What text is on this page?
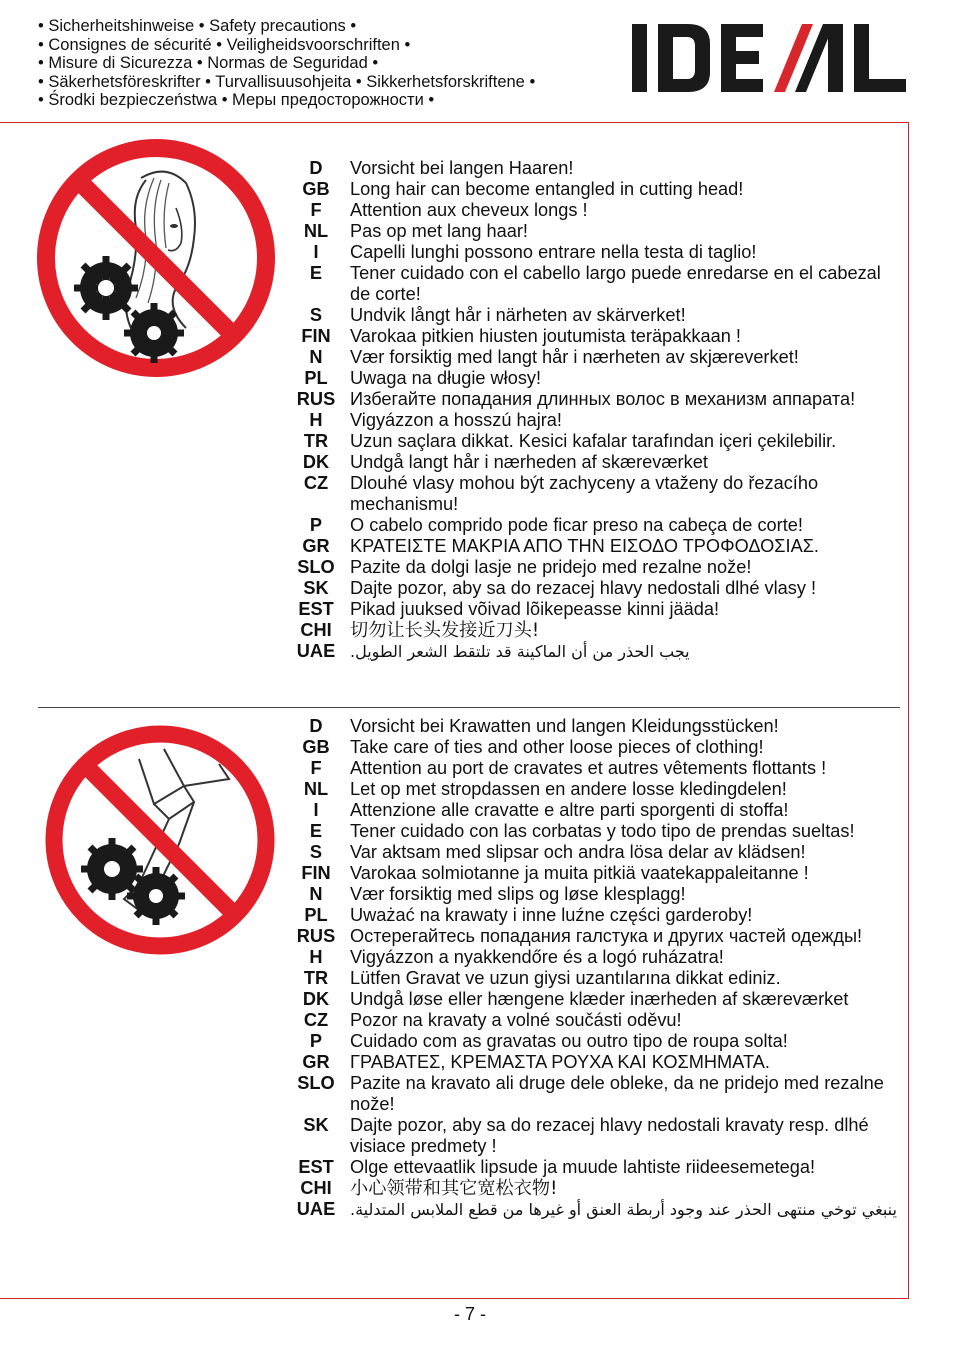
• Sicherheitshinweise • Safety precautions •
• Consignes de sécurité • Veiligheidsvoorschriften •
• Misure di Sicurezza • Normas de Seguridad •
• Säkerhetsföreskrifter • Turvallisuusohjeita • Sikkerhetsforskriftene •
• Środki bezpieczeństwa • Меры предосторожности •
D	Vorsicht bei langen Haaren!
GB	Long hair can become entangled in cutting head!
F	Attention aux cheveux longs !
NL	Pas op met lang haar!
I	Capelli lunghi possono entrare nella testa di taglio!
E	Tener cuidado con el cabello largo puede enredarse en el cabezal de corte!
S	Undvik långt hår i närheten av skärverket!
FIN	Varokaa pitkien hiusten joutumista teräpakkaan !
N	Vær forsiktig med langt hår i nærheten av skjæreverket!
PL	Uwaga na długie włosy!
RUS Избегайте попадания длинных волос в механизм аппарата!
H	Vigyázzon a hosszú hajra!
TR	Uzun saçlara dikkat. Kesici kafalar tarafından içeri çekilebilir.
DK	Undgå langt hår i nærheden af skæreværket
CZ	Dlouhé vlasy mohou být zachyceny a vtaženy do řezacího mechanismu!
P	O cabelo comprido pode ficar preso na cabeça de corte!
GR	ΚΡΑΤΕΙΣΤΕ ΜΑΚΡΙΑ ΑΠΟ ΤΗΝ ΕΙΣΟΔΟ ΤΡΟΦΟΔΟΣΙΑΣ.
SLO Pazite da dolgi lasje ne pridejo med rezalne nože!
SK	Dajte pozor, aby sa do rezacej hlavy nedostali dlhé vlasy !
EST Pikad juuksed võivad lõikepeasse kinni jääda!
CHI	切勿让长头发接近刀头!
UAE يجب الحذر من أن الماكينة قد تلتقط الشعر الطويل.
D	Vorsicht bei Krawatten und langen Kleidungsstücken!
GB	Take care of ties and other loose pieces of clothing!
F	Attention au port de cravates et autres vêtements flottants !
NL	Let op met stropdassen en andere losse kledingdelen!
I	Attenzione alle cravatte e altre parti sporgenti di stoffa!
E	Tener cuidado con las corbatas y todo tipo de prendas sueltas!
S	Var aktsam med slipsar och andra lösa delar av klädsen!
FIN	Varokaa solmiotanne ja muita pitkiä vaatekappaleitanne !
N	Vær forsiktig med slips og løse klesplagg!
PL	Uważać na krawaty i inne luźne części garderoby!
RUS Остерегайтесь попадания галстука и других частей одежды!
H	Vigyázzon a nyakkendőre és a logó ruházatra!
TR	Lütfen Gravat ve uzun giysi uzantılarına dikkat ediniz.
DK	Undgå løse eller hængene klæder inærheden af skæreværket
CZ	Pozor na kravaty a volné součásti oděvu!
P	Cuidado com as gravatas ou outro tipo de roupa solta!
GR	ΓΡΑΒΑΤΕΣ, ΚΡΕΜΑΣΤΑ ΡΟΥΧΑ ΚΑΙ ΚΟΣΜΗΜΑΤΑ.
SLO Pazite na kravato ali druge dele obleke, da ne pridejo med rezalne nože!
SK	Dajte pozor, aby sa do rezacej hlavy nedostali kravaty resp. dlhé visiace predmety !
EST Olge ettevaatlik lipsude ja muude lahtiste riideesemetega!
CHI	小心领带和其它宽松衣物!
UAE ينبغي توخي منتهى الحذر عند وجود أربطة العنق أو غيرها من قطع الملابس المتدلية.
- 7 -
